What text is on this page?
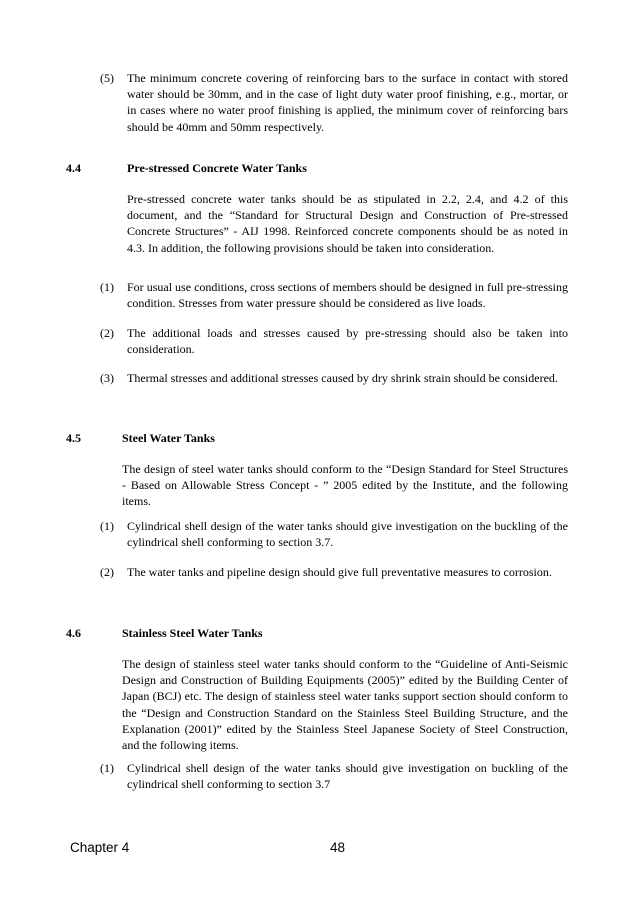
(5) The minimum concrete covering of reinforcing bars to the surface in contact with stored water should be 30mm, and in the case of light duty water proof finishing, e.g., mortar, or in cases where no water proof finishing is applied, the minimum cover of reinforcing bars should be 40mm and 50mm respectively.
4.4	Pre-stressed Concrete Water Tanks
Pre-stressed concrete water tanks should be as stipulated in 2.2, 2.4, and 4.2 of this document, and the “Standard for Structural Design and Construction of Pre-stressed Concrete Structures” - AIJ 1998. Reinforced concrete components should be as noted in 4.3. In addition, the following provisions should be taken into consideration.
(1) For usual use conditions, cross sections of members should be designed in full pre-stressing condition. Stresses from water pressure should be considered as live loads.
(2) The additional loads and stresses caused by pre-stressing should also be taken into consideration.
(3) Thermal stresses and additional stresses caused by dry shrink strain should be considered.
4.5	Steel Water Tanks
The design of steel water tanks should conform to the “Design Standard for Steel Structures - Based on Allowable Stress Concept - ” 2005 edited by the Institute, and the following items.
(1) Cylindrical shell design of the water tanks should give investigation on the buckling of the cylindrical shell conforming to section 3.7.
(2) The water tanks and pipeline design should give full preventative measures to corrosion.
4.6	Stainless Steel Water Tanks
The design of stainless steel water tanks should conform to the “Guideline of Anti-Seismic Design and Construction of Building Equipments (2005)” edited by the Building Center of Japan (BCJ) etc. The design of stainless steel water tanks support section should conform to the “Design and Construction Standard on the Stainless Steel Building Structure, and the Explanation (2001)” edited by the Stainless Steel Japanese Society of Steel Construction, and the following items.
(1) Cylindrical shell design of the water tanks should give investigation on buckling of the cylindrical shell conforming to section 3.7
Chapter 4	48
